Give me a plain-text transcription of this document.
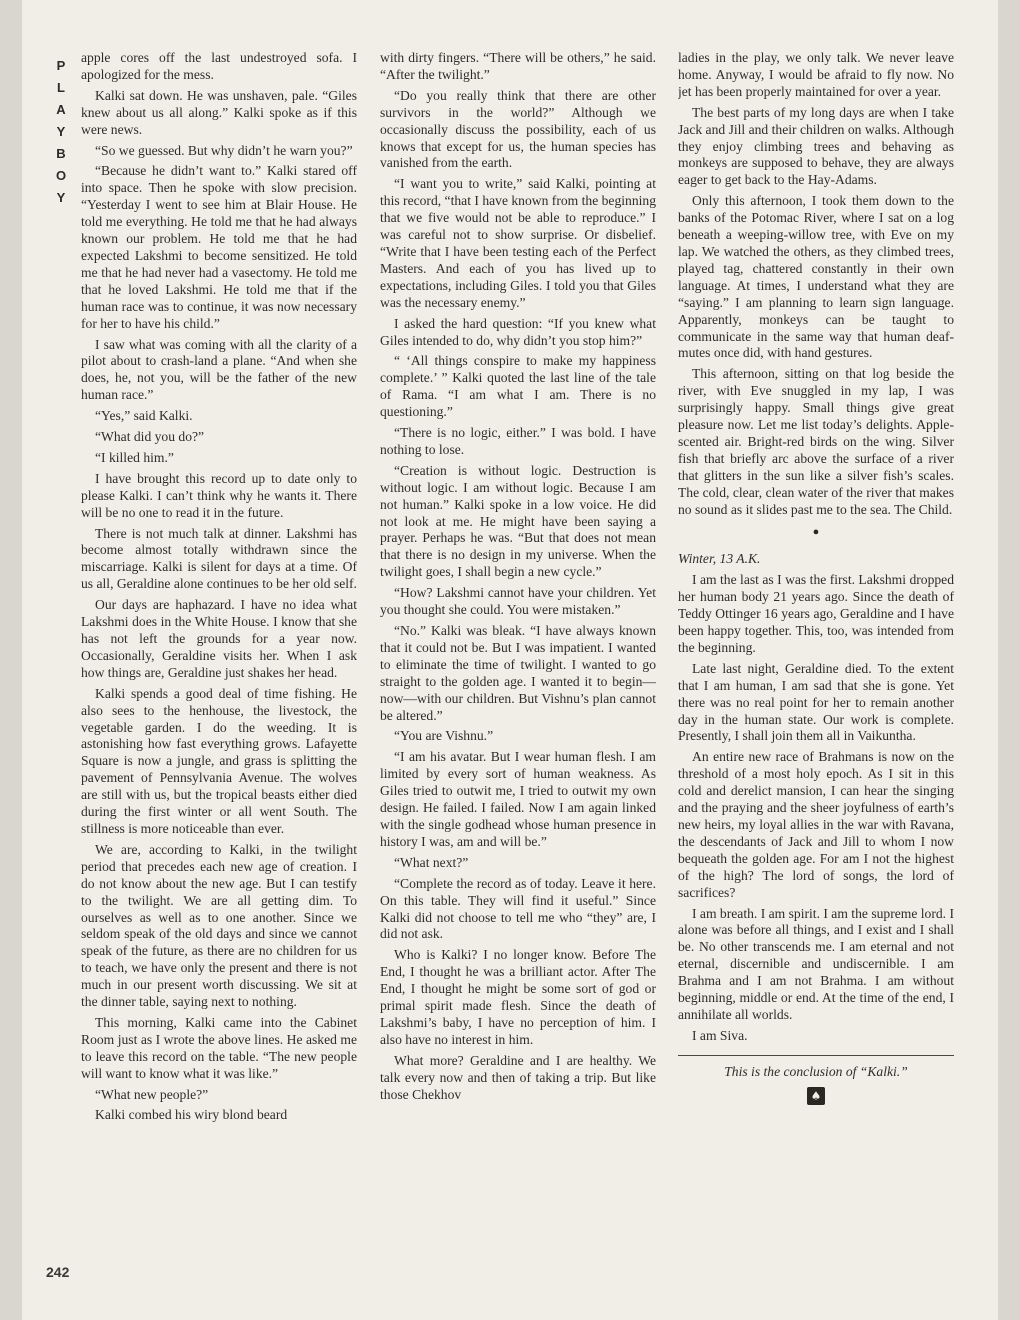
P
L
A
Y
B
O
Y

apple cores off the last undestroyed sofa. I apologized for the mess.

Kalki sat down. He was unshaven, pale. “Giles knew about us all along.” Kalki spoke as if this were news.

“So we guessed. But why didn’t he warn you?”

“Because he didn’t want to.” Kalki stared off into space. Then he spoke with slow precision. “Yesterday I went to see him at Blair House. He told me everything. He told me that he had always known our problem. He told me that he had expected Lakshmi to become sensitized. He told me that he had never had a vasectomy. He told me that he loved Lakshmi. He told me that if the human race was to continue, it was now necessary for her to have his child.”

I saw what was coming with all the clarity of a pilot about to crash-land a plane. “And when she does, he, not you, will be the father of the new human race.”

“Yes,” said Kalki.

“What did you do?”

“I killed him.”

I have brought this record up to date only to please Kalki. I can’t think why he wants it. There will be no one to read it in the future.

There is not much talk at dinner. Lakshmi has become almost totally withdrawn since the miscarriage. Kalki is silent for days at a time. Of us all, Geraldine alone continues to be her old self.

Our days are haphazard. I have no idea what Lakshmi does in the White House. I know that she has not left the grounds for a year now. Occasionally, Geraldine visits her. When I ask how things are, Geraldine just shakes her head.

Kalki spends a good deal of time fishing. He also sees to the henhouse, the livestock, the vegetable garden. I do the weeding. It is astonishing how fast everything grows. Lafayette Square is now a jungle, and grass is splitting the pavement of Pennsylvania Avenue. The wolves are still with us, but the tropical beasts either died during the first winter or all went South. The stillness is more noticeable than ever.

We are, according to Kalki, in the twilight period that precedes each new age of creation. I do not know about the new age. But I can testify to the twilight. We are all getting dim. To ourselves as well as to one another. Since we seldom speak of the old days and since we cannot speak of the future, as there are no children for us to teach, we have only the present and there is not much in our present worth discussing. We sit at the dinner table, saying next to nothing.

This morning, Kalki came into the Cabinet Room just as I wrote the above lines. He asked me to leave this record on the table. “The new people will want to know what it was like.”

“What new people?”

Kalki combed his wiry blond beard

with dirty fingers. “There will be others,” he said. “After the twilight.”

“Do you really think that there are other survivors in the world?” Although we occasionally discuss the possibility, each of us knows that except for us, the human species has vanished from the earth.

“I want you to write,” said Kalki, pointing at this record, “that I have known from the beginning that we five would not be able to reproduce.” I was careful not to show surprise. Or disbelief. “Write that I have been testing each of the Perfect Masters. And each of you has lived up to expectations, including Giles. I told you that Giles was the necessary enemy.”

I asked the hard question: “If you knew what Giles intended to do, why didn’t you stop him?”

“ ‘All things conspire to make my happiness complete.’ ” Kalki quoted the last line of the tale of Rama. “I am what I am. There is no questioning.”

“There is no logic, either.” I was bold. I have nothing to lose.

“Creation is without logic. Destruction is without logic. I am without logic. Because I am not human.” Kalki spoke in a low voice. He did not look at me. He might have been saying a prayer. Perhaps he was. “But that does not mean that there is no design in my universe. When the twilight goes, I shall begin a new cycle.”

“How? Lakshmi cannot have your children. Yet you thought she could. You were mistaken.”

“No.” Kalki was bleak. “I have always known that it could not be. But I was impatient. I wanted to eliminate the time of twilight. I wanted to go straight to the golden age. I wanted it to begin—now—with our children. But Vishnu’s plan cannot be altered.”

“You are Vishnu.”

“I am his avatar. But I wear human flesh. I am limited by every sort of human weakness. As Giles tried to outwit me, I tried to outwit my own design. He failed. I failed. Now I am again linked with the single godhead whose human presence in history I was, am and will be.”

“What next?”

“Complete the record as of today. Leave it here. On this table. They will find it useful.” Since Kalki did not choose to tell me who “they” are, I did not ask.

Who is Kalki? I no longer know. Before The End, I thought he was a brilliant actor. After The End, I thought he might be some sort of god or primal spirit made flesh. Since the death of Lakshmi’s baby, I have no perception of him. I also have no interest in him.

What more? Geraldine and I are healthy. We talk every now and then of taking a trip. But like those Chekhov

ladies in the play, we only talk. We never leave home. Anyway, I would be afraid to fly now. No jet has been properly maintained for over a year.

The best parts of my long days are when I take Jack and Jill and their children on walks. Although they enjoy climbing trees and behaving as monkeys are supposed to behave, they are always eager to get back to the Hay-Adams.

Only this afternoon, I took them down to the banks of the Potomac River, where I sat on a log beneath a weeping-willow tree, with Eve on my lap. We watched the others, as they climbed trees, played tag, chattered constantly in their own language. At times, I understand what they are “saying.” I am planning to learn sign language. Apparently, monkeys can be taught to communicate in the same way that human deaf-mutes once did, with hand gestures.

This afternoon, sitting on that log beside the river, with Eve snuggled in my lap, I was surprisingly happy. Small things give great pleasure now. Let me list today’s delights. Apple-scented air. Bright-red birds on the wing. Silver fish that briefly arc above the surface of a river that glitters in the sun like a silver fish’s scales. The cold, clear, clean water of the river that makes no sound as it slides past me to the sea. The Child.

●

Winter, 13 A.K.

I am the last as I was the first. Lakshmi dropped her human body 21 years ago. Since the death of Teddy Ottinger 16 years ago, Geraldine and I have been happy together. This, too, was intended from the beginning.

Late last night, Geraldine died. To the extent that I am human, I am sad that she is gone. Yet there was no real point for her to remain another day in the human state. Our work is complete. Presently, I shall join them all in Vaikuntha.

An entire new race of Brahmans is now on the threshold of a most holy epoch. As I sit in this cold and derelict mansion, I can hear the singing and the praying and the sheer joyfulness of earth’s new heirs, my loyal allies in the war with Ravana, the descendants of Jack and Jill to whom I now bequeath the golden age. For am I not the highest of the high? The lord of songs, the lord of sacrifices?

I am breath. I am spirit. I am the supreme lord. I alone was before all things, and I exist and I shall be. No other transcends me. I am eternal and not eternal, discernible and undiscernible. I am Brahma and I am not Brahma. I am without beginning, middle or end. At the time of the end, I annihilate all worlds.

I am Siva.

This is the conclusion of “Kalki.”

♠
242
